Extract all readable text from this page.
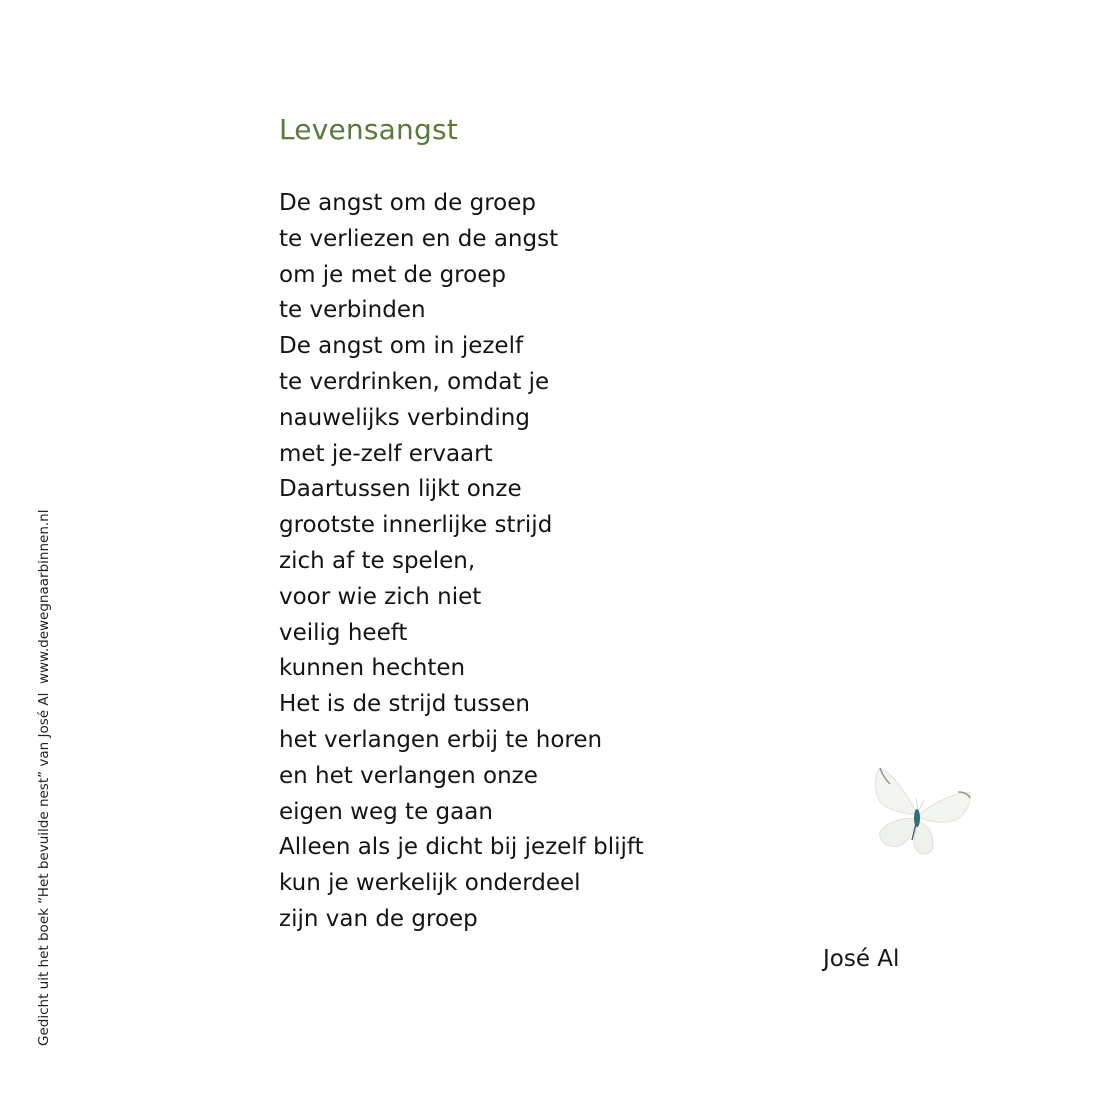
Levensangst
De angst om de groep
te verliezen en de angst
om je met de groep
te verbinden
De angst om in jezelf
te verdrinken, omdat je
nauwelijks verbinding
met je-zelf ervaart
Daartussen lijkt onze
grootste innerlijke strijd
zich af te spelen,
voor wie zich niet
veilig heeft
kunnen hechten
Het is de strijd tussen
het verlangen erbij te horen
en het verlangen onze
eigen weg te gaan
Alleen als je dicht bij jezelf blijft
kun je werkelijk onderdeel
zijn van de groep
José Al
Gedicht uit het boek “Het bevuilde nest” van José Al  www.dewegnaarbinnen.nl
